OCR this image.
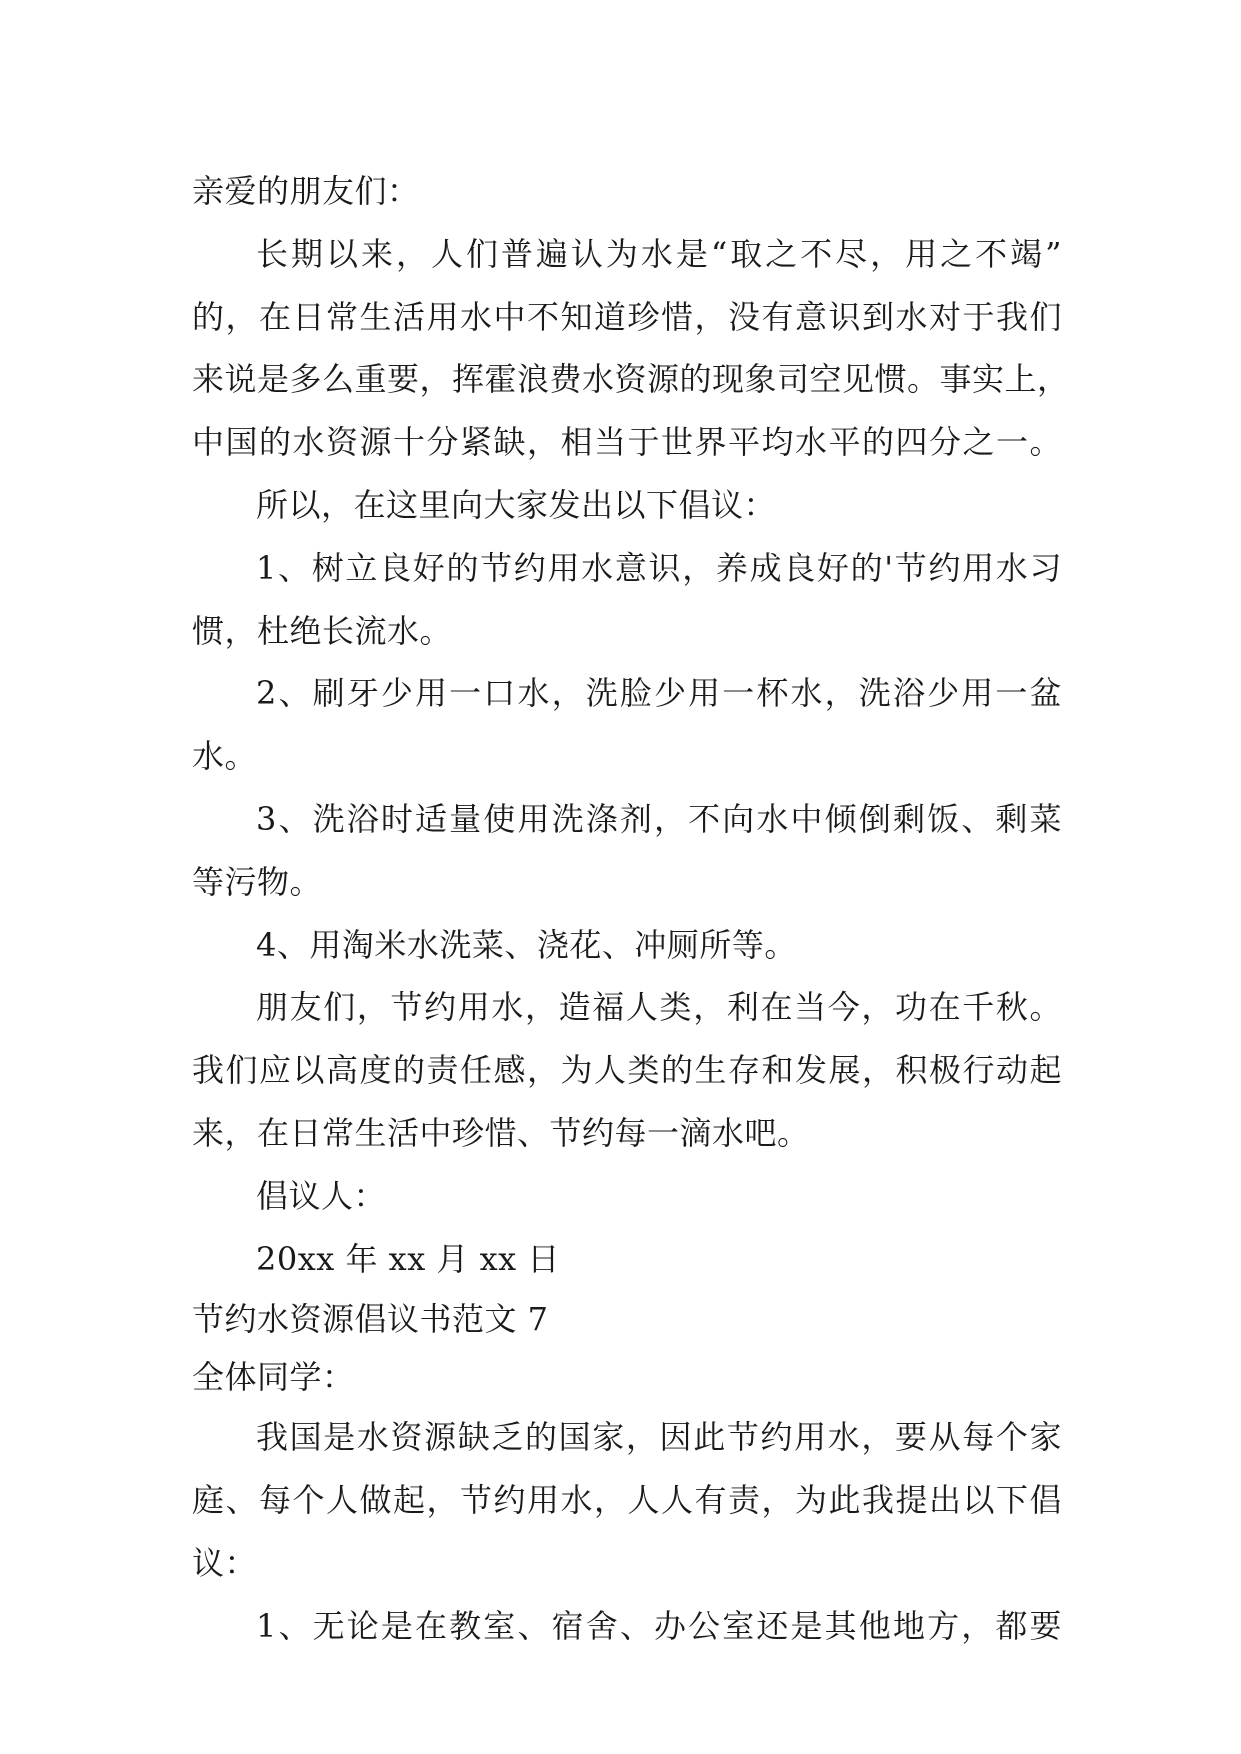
亲爱的朋友们：
长期以来，人们普遍认为水是“取之不尽，用之不竭”
的，在日常生活用水中不知道珍惜，没有意识到水对于我们
来说是多么重要，挥霍浪费水资源的现象司空见惯。事实上，
中国的水资源十分紧缺，相当于世界平均水平的四分之一。
所以，在这里向大家发出以下倡议：
1、树立良好的节约用水意识，养成良好的'节约用水习
惯，杜绝长流水。
2、刷牙少用一口水，洗脸少用一杯水，洗浴少用一盆
水。
3、洗浴时适量使用洗涤剂，不向水中倾倒剩饭、剩菜
等污物。
4、用淘米水洗菜、浇花、冲厕所等。
朋友们，节约用水，造福人类，利在当今，功在千秋。
我们应以高度的责任感，为人类的生存和发展，积极行动起
来，在日常生活中珍惜、节约每一滴水吧。
倡议人：
20xx 年 xx 月 xx 日
节约水资源倡议书范文 7
全体同学：
我国是水资源缺乏的国家，因此节约用水，要从每个家
庭、每个人做起，节约用水，人人有责，为此我提出以下倡
议：
1、无论是在教室、宿舍、办公室还是其他地方，都要
